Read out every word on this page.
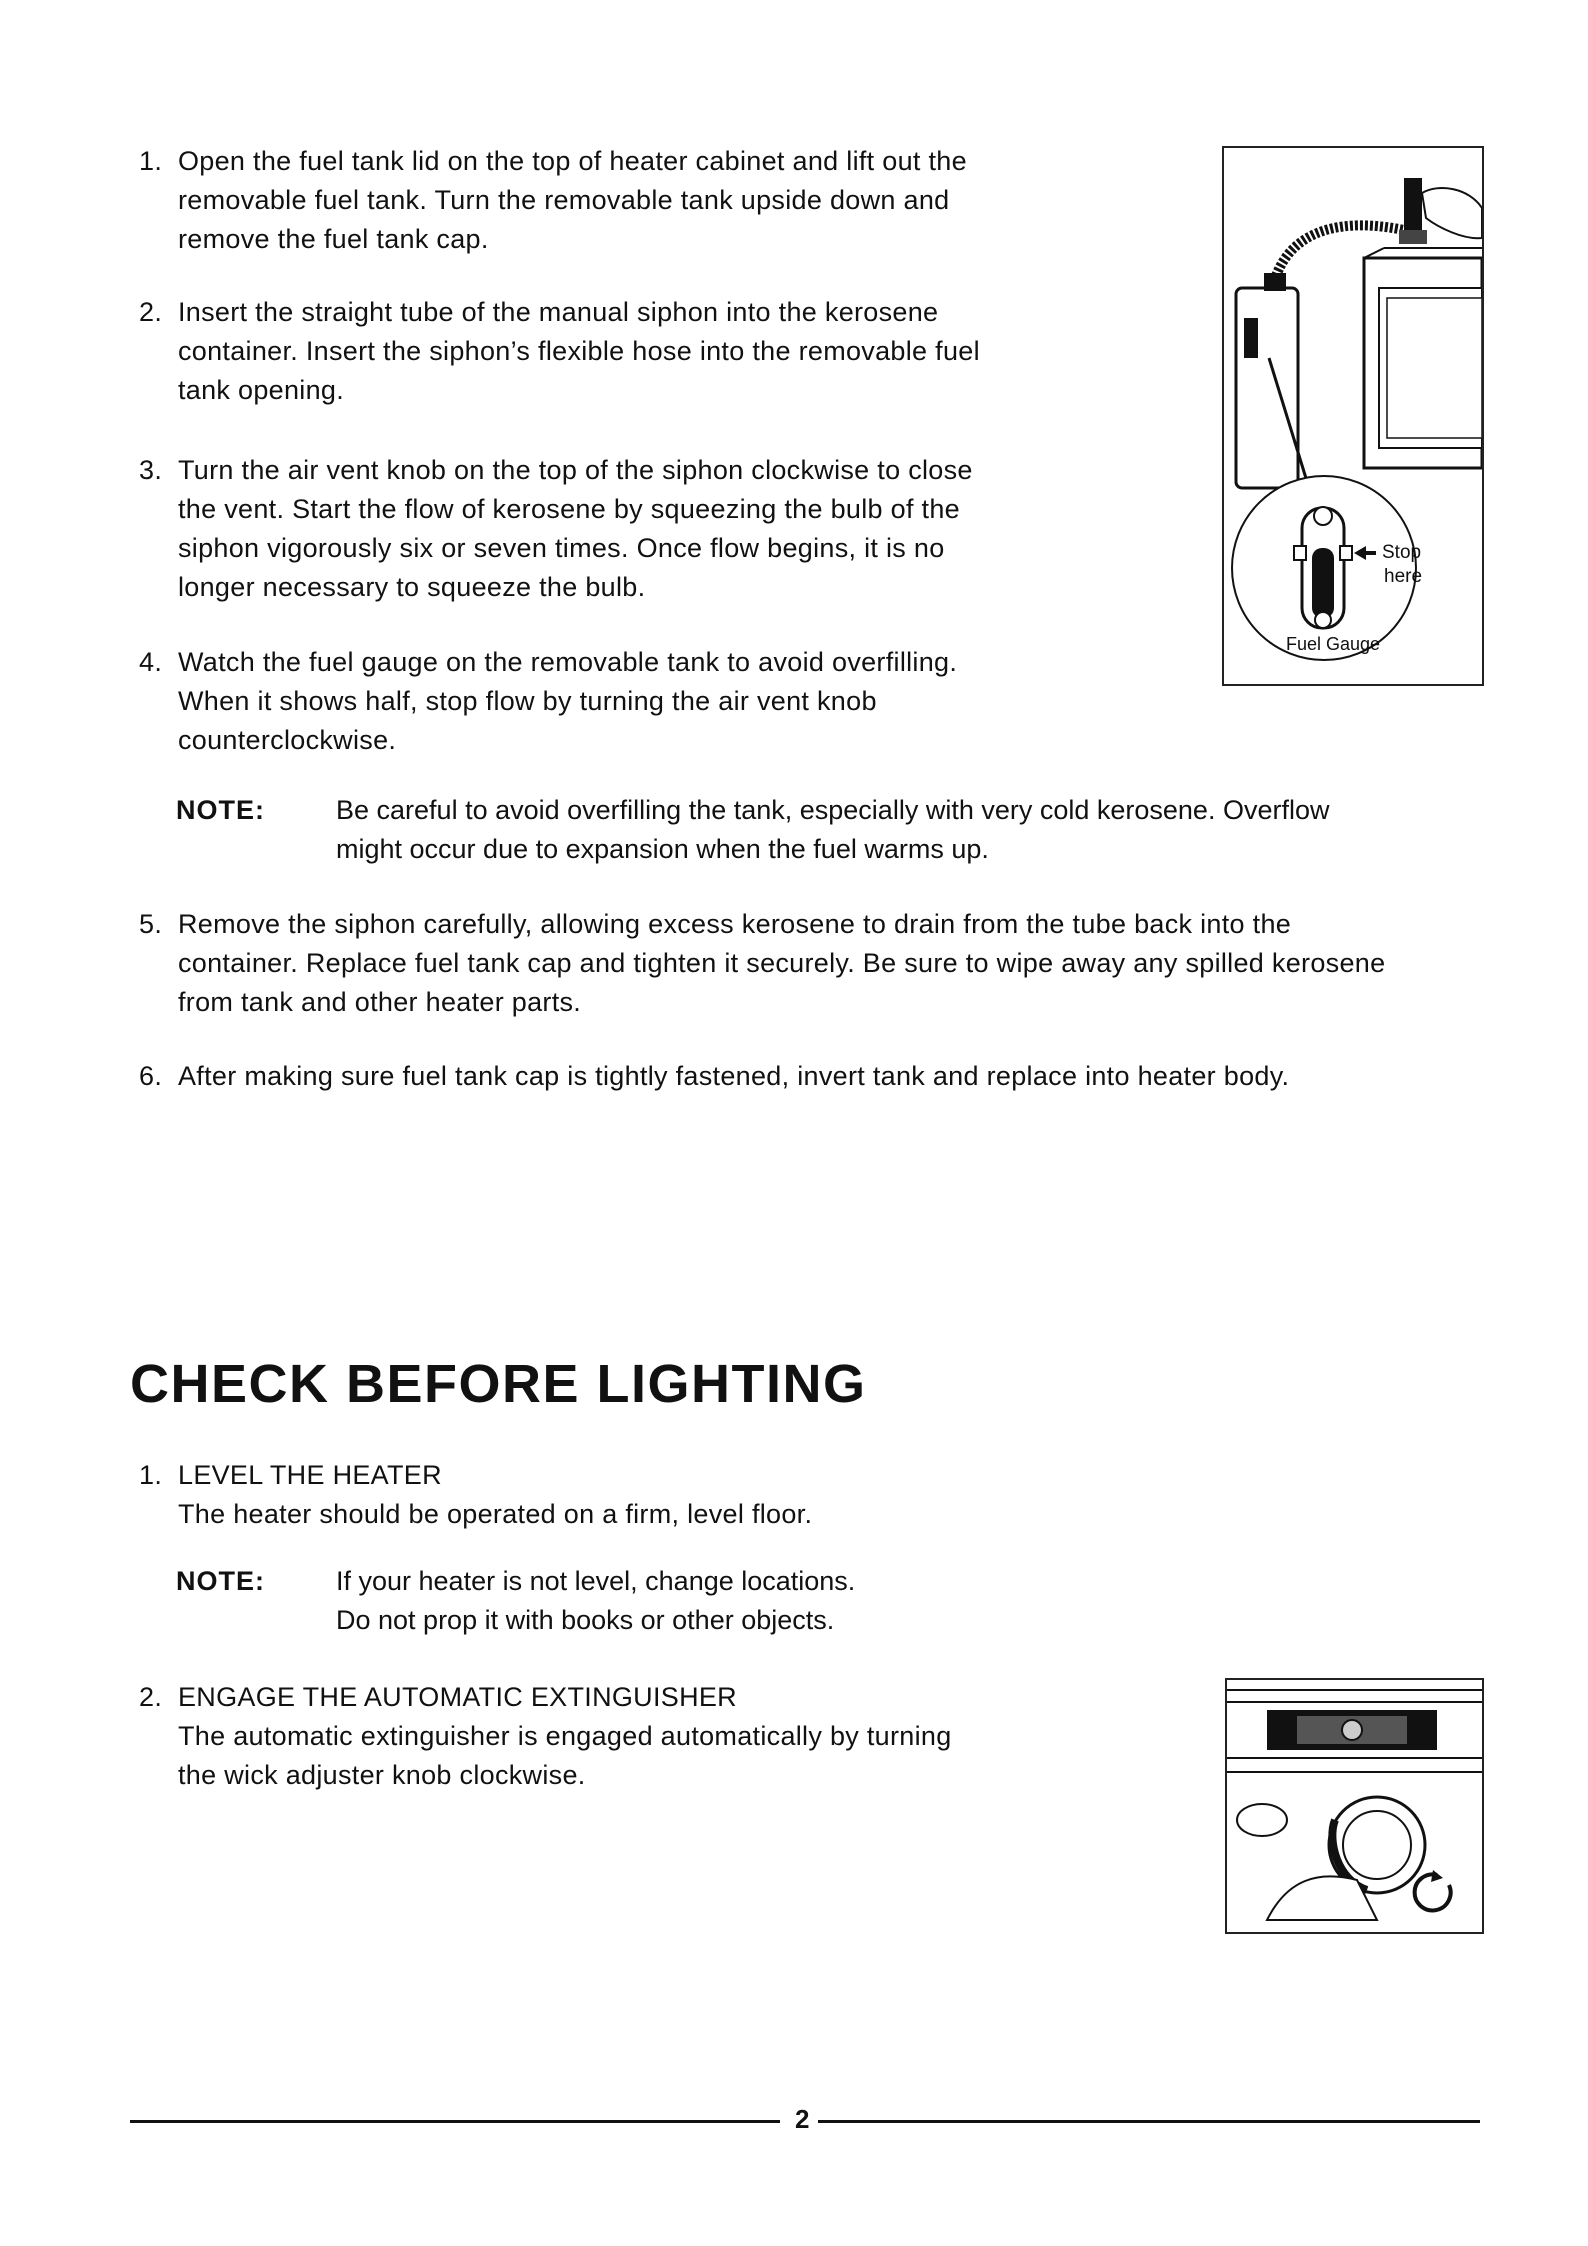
1. Open the fuel tank lid on the top of heater cabinet and lift out the
removable fuel tank. Turn the removable tank upside down and
remove the fuel tank cap.
2. Insert the straight tube of the manual siphon into the kerosene
container. Insert the siphon’s flexible hose into the removable fuel
tank opening.
3. Turn the air vent knob on the top of the siphon clockwise to close
the vent. Start the flow of kerosene by squeezing the bulb of the
siphon vigorously six or seven times. Once flow begins, it is no
longer necessary to squeeze the bulb.
4. Watch the fuel gauge on the removable tank to avoid overfilling.
When it shows half, stop flow by turning the air vent knob
counterclockwise.
NOTE:	Be careful to avoid overfilling the tank, especially with very cold kerosene. Overflow
might occur due to expansion when the fuel warms up.
5. Remove the siphon carefully, allowing excess kerosene to drain from the tube back into the
container. Replace fuel tank cap and tighten it securely. Be sure to wipe away any spilled kerosene
from tank and other heater parts.
6. After making sure fuel tank cap is tightly fastened, invert tank and replace into heater body.
CHECK BEFORE LIGHTING
1. LEVEL THE HEATER
The heater should be operated on a firm, level floor.
NOTE:	If your heater is not level, change locations.
Do not prop it with books or other objects.
2. ENGAGE THE AUTOMATIC EXTINGUISHER
The automatic extinguisher is engaged automatically by turning
the wick adjuster knob clockwise.
Stop
here
Fuel Gauge
2
